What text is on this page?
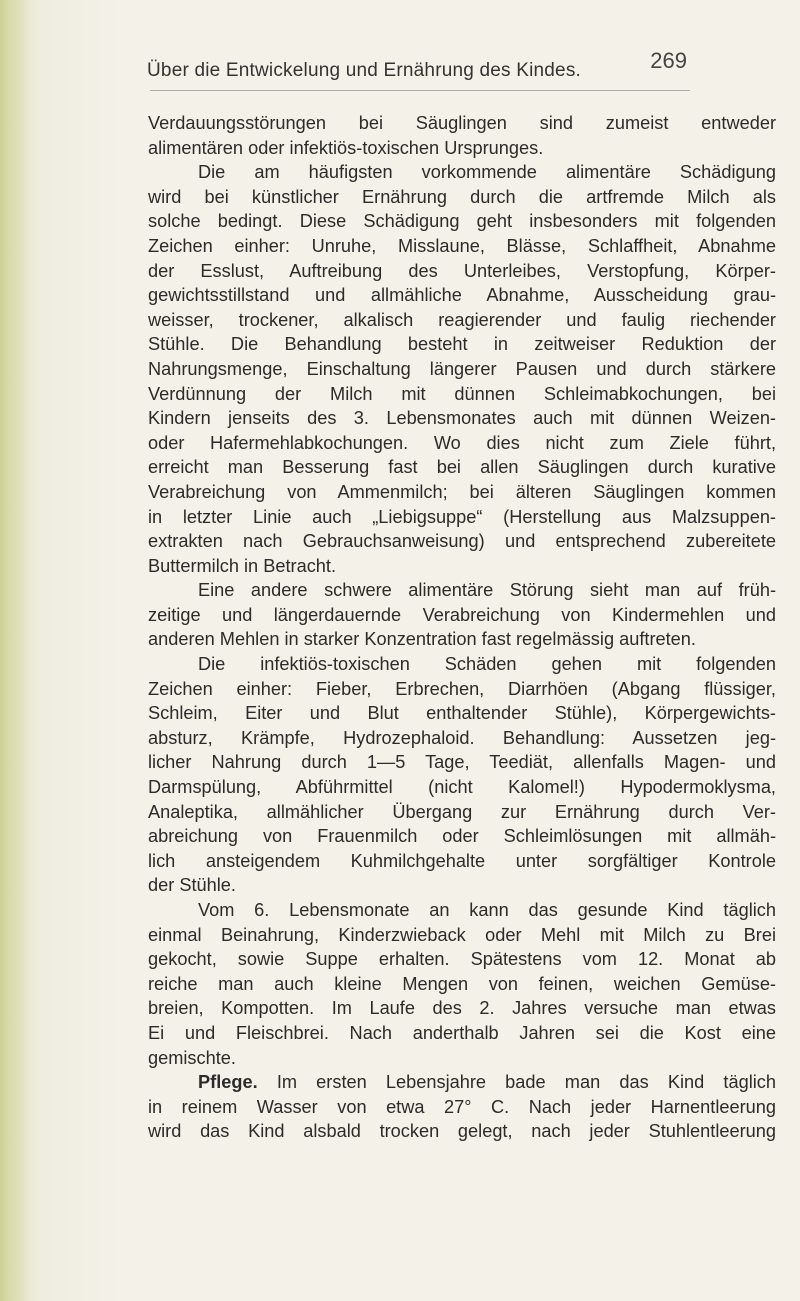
Über die Entwickelung und Ernährung des Kindes.	269
Verdauungsstörungen bei Säuglingen sind zumeist entweder
alimentären oder infektiös-toxischen Ursprunges.
Die am häufigsten vorkommende alimentäre Schädigung
wird bei künstlicher Ernährung durch die artfremde Milch als
solche bedingt. Diese Schädigung geht insbesonders mit folgenden
Zeichen einher: Unruhe, Misslaune, Blässe, Schlaffheit, Abnahme
der Esslust, Auftreibung des Unterleibes, Verstopfung, Körper-
gewichtsstillstand und allmähliche Abnahme, Ausscheidung grau-
weisser, trockener, alkalisch reagierender und faulig riechender
Stühle. Die Behandlung besteht in zeitweiser Reduktion der
Nahrungsmenge, Einschaltung längerer Pausen und durch stärkere
Verdünnung der Milch mit dünnen Schleimabkochungen, bei
Kindern jenseits des 3. Lebensmonates auch mit dünnen Weizen-
oder Hafermehlabkochungen. Wo dies nicht zum Ziele führt,
erreicht man Besserung fast bei allen Säuglingen durch kurative
Verabreichung von Ammenmilch; bei älteren Säuglingen kommen
in letzter Linie auch „Liebigsuppe“ (Herstellung aus Malzsuppen-
extrakten nach Gebrauchsanweisung) und entsprechend zubereitete
Buttermilch in Betracht.
Eine andere schwere alimentäre Störung sieht man auf früh-
zeitige und längerdauernde Verabreichung von Kindermehlen und
anderen Mehlen in starker Konzentration fast regelmässig auftreten.
Die infektiös-toxischen Schäden gehen mit folgenden
Zeichen einher: Fieber, Erbrechen, Diarrhöen (Abgang flüssiger,
Schleim, Eiter und Blut enthaltender Stühle), Körpergewichts-
absturz, Krämpfe, Hydrozephaloid. Behandlung: Aussetzen jeg-
licher Nahrung durch 1—5 Tage, Teediät, allenfalls Magen- und
Darmspülung, Abführmittel (nicht Kalomel!) Hypodermoklysma,
Analeptika, allmählicher Übergang zur Ernährung durch Ver-
abreichung von Frauenmilch oder Schleimlösungen mit allmäh-
lich ansteigendem Kuhmilchgehalte unter sorgfältiger Kontrole
der Stühle.
Vom 6. Lebensmonate an kann das gesunde Kind täglich
einmal Beinahrung, Kinderzwieback oder Mehl mit Milch zu Brei
gekocht, sowie Suppe erhalten. Spätestens vom 12. Monat ab
reiche man auch kleine Mengen von feinen, weichen Gemüse-
breien, Kompotten. Im Laufe des 2. Jahres versuche man etwas
Ei und Fleischbrei. Nach anderthalb Jahren sei die Kost eine
gemischte.
Pflege. Im ersten Lebensjahre bade man das Kind täglich
in reinem Wasser von etwa 27° C. Nach jeder Harnentleerung
wird das Kind alsbald trocken gelegt, nach jeder Stuhlentleerung
